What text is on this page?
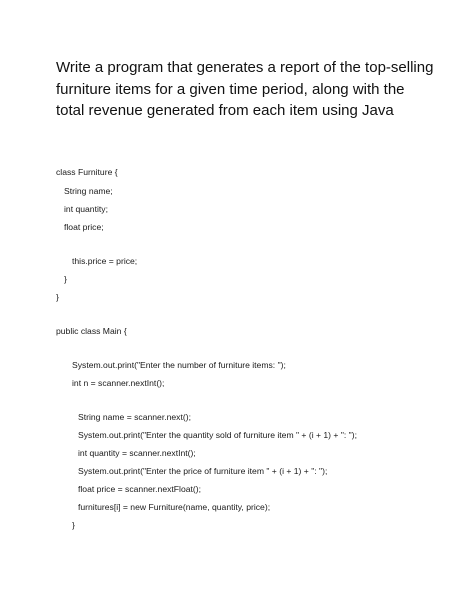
Write a program that generates a report of the top-selling
furniture items for a given time period, along with the
total revenue generated from each item using Java

class Furniture {

String name;

int quantity;

float price;

this.price = price;

}

}

public class Main {

System.out.print("Enter the number of furniture items: ");

int n = scanner.nextInt();

String name = scanner.next();

System.out.print("Enter the quantity sold of furniture item " + (i + 1) + ": ");

int quantity = scanner.nextInt();

System.out.print("Enter the price of furniture item " + (i + 1) + ": ");

float price = scanner.nextFloat();

furnitures[i] = new Furniture(name, quantity, price);

}
